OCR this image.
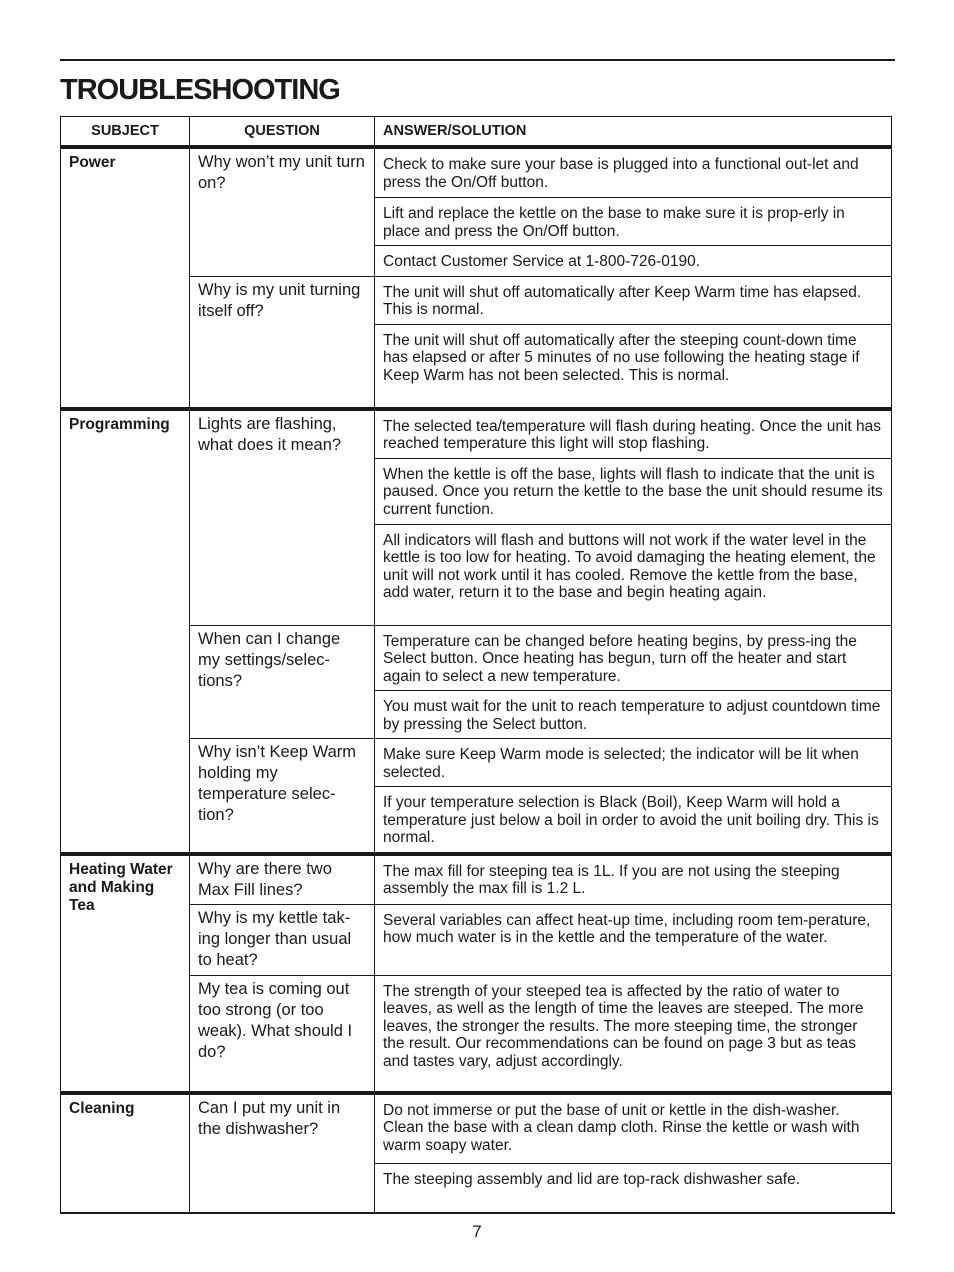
TROUBLESHOOTING
SUBJECT	QUESTION	ANSWER/SOLUTION

Power	Why won’t my unit turn on?	Check to make sure your base is plugged into a functional out-let and press the On/Off button.

		Lift and replace the kettle on the base to make sure it is prop-erly in place and press the On/Off button.

		Contact Customer Service at 1-800-726-0190.

	Why is my unit turning itself off?	The unit will shut off automatically after Keep Warm time has elapsed. This is normal.

		The unit will shut off automatically after the steeping count-down time has elapsed or after 5 minutes of no use following the heating stage if Keep Warm has not been selected. This is normal.

Programming	Lights are flashing, what does it mean?	The selected tea/temperature will flash during heating. Once the unit has reached temperature this light will stop flashing.

		When the kettle is off the base, lights will flash to indicate that the unit is paused. Once you return the kettle to the base the unit should resume its current function.

		All indicators will flash and buttons will not work if the water level in the kettle is too low for heating. To avoid damaging the heating element, the unit will not work until it has cooled. Remove the kettle from the base, add water, return it to the base and begin heating again.

	When can I change my settings/selec-tions?	Temperature can be changed before heating begins, by press-ing the Select button. Once heating has begun, turn off the heater and start again to select a new temperature.

		You must wait for the unit to reach temperature to adjust countdown time by pressing the Select button.

	Why isn’t Keep Warm holding my temperature selec-tion?	Make sure Keep Warm mode is selected; the indicator will be lit when selected.

		If your temperature selection is Black (Boil), Keep Warm will hold a temperature just below a boil in order to avoid the unit boiling dry. This is normal.

Heating Water and Making Tea	Why are there two Max Fill lines?	The max fill for steeping tea is 1L. If you are not using the steeping assembly the max fill is 1.2 L.

	Why is my kettle tak-ing longer than usual to heat?	Several variables can affect heat-up time, including room tem-perature, how much water is in the kettle and the temperature of the water.

	My tea is coming out too strong (or too weak). What should I do?	The strength of your steeped tea is affected by the ratio of water to leaves, as well as the length of time the leaves are steeped. The more leaves, the stronger the results. The more steeping time, the stronger the result. Our recommendations can be found on page 3 but as teas and tastes vary, adjust accordingly.

Cleaning	Can I put my unit in the dishwasher?	Do not immerse or put the base of unit or kettle in the dish-washer. Clean the base with a clean damp cloth. Rinse the kettle or wash with warm soapy water.

		The steeping assembly and lid are top-rack dishwasher safe.
7
